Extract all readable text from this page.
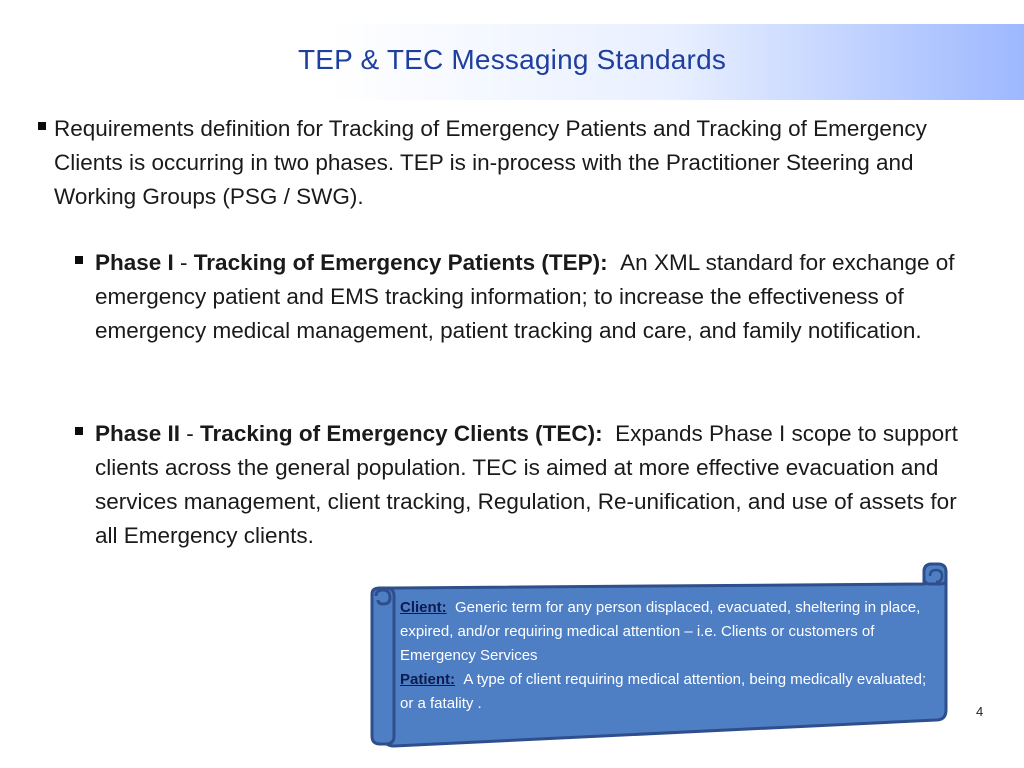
TEP & TEC Messaging Standards
Requirements definition for Tracking of Emergency Patients and Tracking of Emergency Clients is occurring in two phases. TEP is in-process with the Practitioner Steering and Working Groups (PSG / SWG).
Phase I - Tracking of Emergency Patients (TEP): An XML standard for exchange of emergency patient and EMS tracking information; to increase the effectiveness of emergency medical management, patient tracking and care, and family notification.
Phase II - Tracking of Emergency Clients (TEC): Expands Phase I scope to support clients across the general population. TEC is aimed at more effective evacuation and services management, client tracking, Regulation, Re-unification, and use of assets for all Emergency clients.
Client: Generic term for any person displaced, evacuated, sheltering in place, expired, and/or requiring medical attention – i.e. Clients or customers of Emergency Services
Patient: A type of client requiring medical attention, being medically evaluated; or a fatality .	4
